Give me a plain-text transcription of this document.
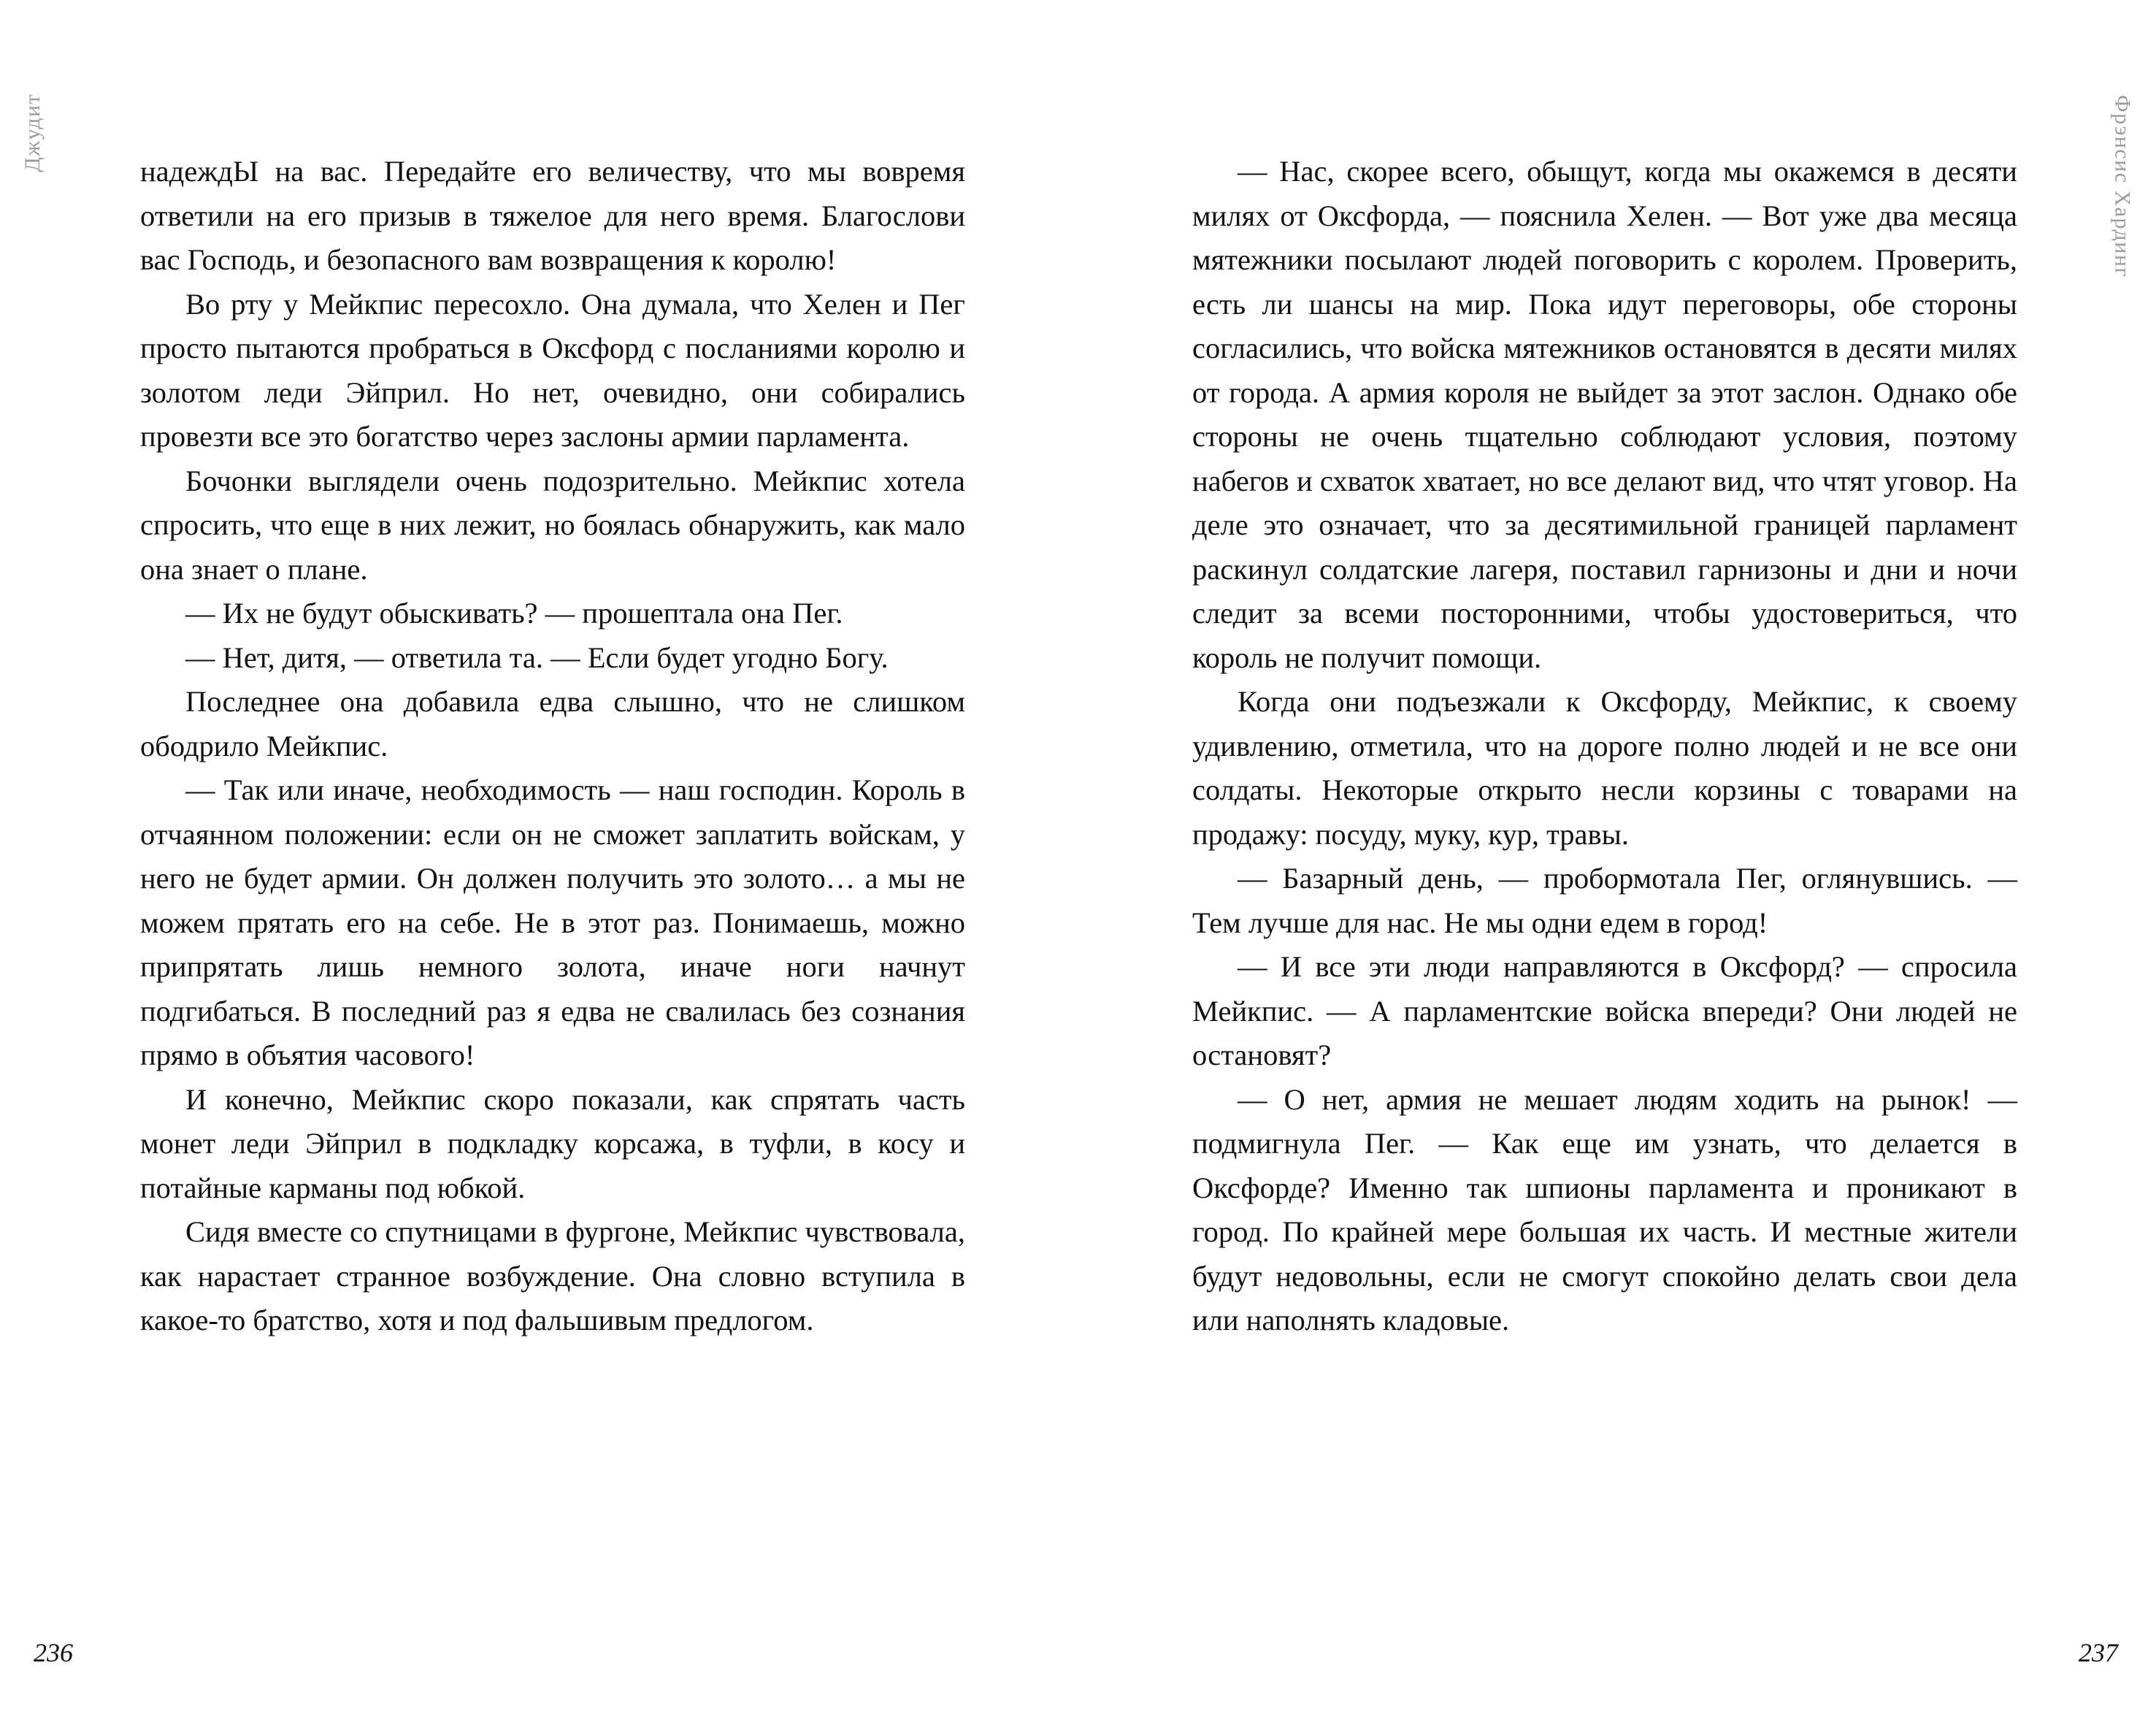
Джудит	надеждЫ на вас. Передайте его величеству, что мы вовремя ответили на его призыв в тяжелое для него время. Благослови вас Господь, и безопасного вам возвращения к королю!

Во рту у Мейкпис пересохло. Она думала, что Хелен и Пег просто пытаются пробраться в Оксфорд с посланиями королю и золотом леди Эйприл. Но нет, очевидно, они собирались провезти все это богатство через заслоны армии парламента.

Бочонки выглядели очень подозрительно. Мейкпис хотела спросить, что еще в них лежит, но боялась обнаружить, как мало она знает о плане.

— Их не будут обыскивать? — прошептала она Пег.

— Нет, дитя, — ответила та. — Если будет угодно Богу.

Последнее она добавила едва слышно, что не слишком ободрило Мейкпис.

— Так или иначе, необходимость — наш господин. Король в отчаянном положении: если он не сможет заплатить войскам, у него не будет армии. Он должен получить это золото… а мы не можем прятать его на себе. Не в этот раз. Понимаешь, можно припрятать лишь немного золота, иначе ноги начнут подгибаться. В последний раз я едва не свалилась без сознания прямо в объятия часового!

И конечно, Мейкпис скоро показали, как спрятать часть монет леди Эйприл в подкладку корсажа, в туфли, в косу и потайные карманы под юбкой.

Сидя вместе со спутницами в фургоне, Мейкпис чувствовала, как нарастает странное возбуждение. Она словно вступила в какое-то братство, хотя и под фальшивым предлогом.

236
Фрэнсис Хардинг

— Нас, скорее всего, обыщут, когда мы окажемся в десяти милях от Оксфорда, — пояснила Хелен. — Вот уже два месяца мятежники посылают людей поговорить с королем. Проверить, есть ли шансы на мир. Пока идут переговоры, обе стороны согласились, что войска мятежников остановятся в десяти милях от города. А армия короля не выйдет за этот заслон. Однако обе стороны не очень тщательно соблюдают условия, поэтому набегов и схваток хватает, но все делают вид, что чтят уговор. На деле это означает, что за десятимильной границей парламент раскинул солдатские лагеря, поставил гарнизоны и дни и ночи следит за всеми посторонними, чтобы удостовериться, что король не получит помощи.

Когда они подъезжали к Оксфорду, Мейкпис, к своему удивлению, отметила, что на дороге полно людей и не все они солдаты. Некоторые открыто несли корзины с товарами на продажу: посуду, муку, кур, травы.

— Базарный день, — пробормотала Пег, оглянувшись. — Тем лучше для нас. Не мы одни едем в город!

— И все эти люди направляются в Оксфорд? — спросила Мейкпис. — А парламентские войска впереди? Они людей не остановят?

— О нет, армия не мешает людям ходить на рынок! — подмигнула Пег. — Как еще им узнать, что делается в Оксфорде? Именно так шпионы парламента и проникают в город. По крайней мере большая их часть. И местные жители будут недовольны, если не смогут спокойно делать свои дела или наполнять кладовые.

237
